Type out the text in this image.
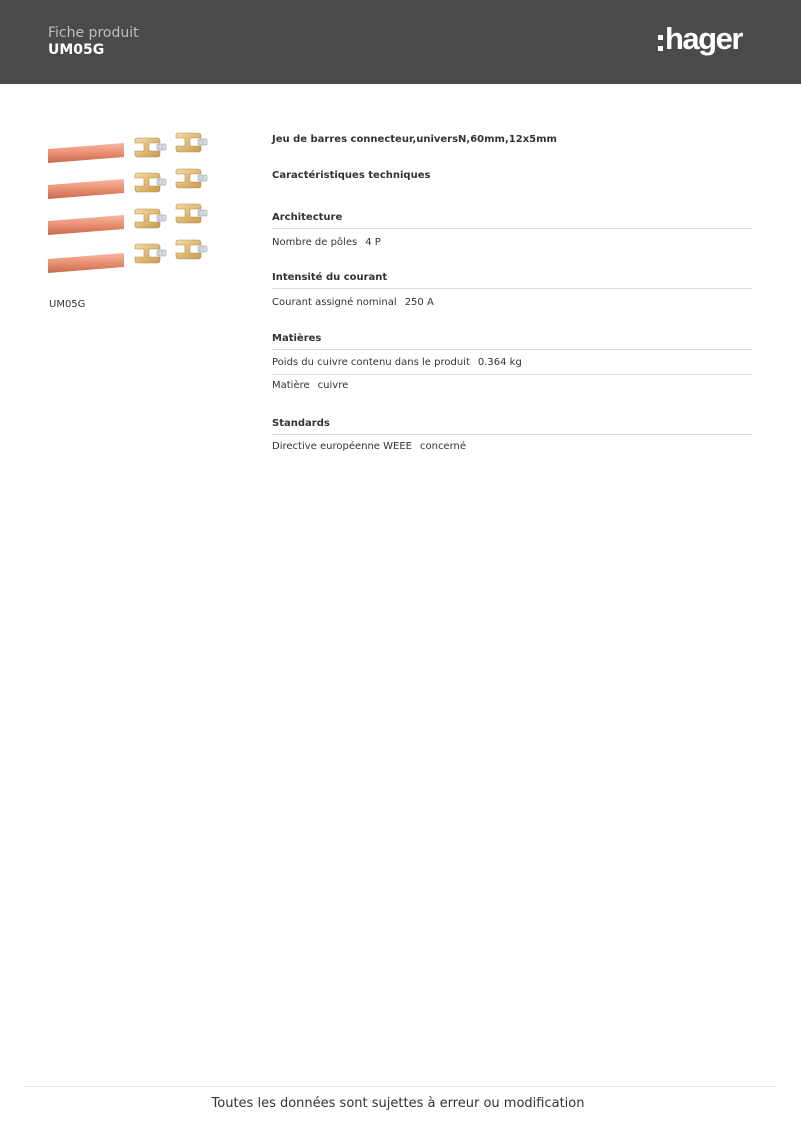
Fiche produit
UM05G	hager
UM05G
Jeu de barres connecteur,universN,60mm,12x5mm
Caractéristiques techniques
Architecture
Nombre de pôles 4 P
Intensité du courant
Courant assigné nominal 250 A
Matières
Poids du cuivre contenu dans le produit 0.364 kg
Matière cuivre
Standards
Directive européenne WEEE concerné
Toutes les données sont sujettes à erreur ou modification
